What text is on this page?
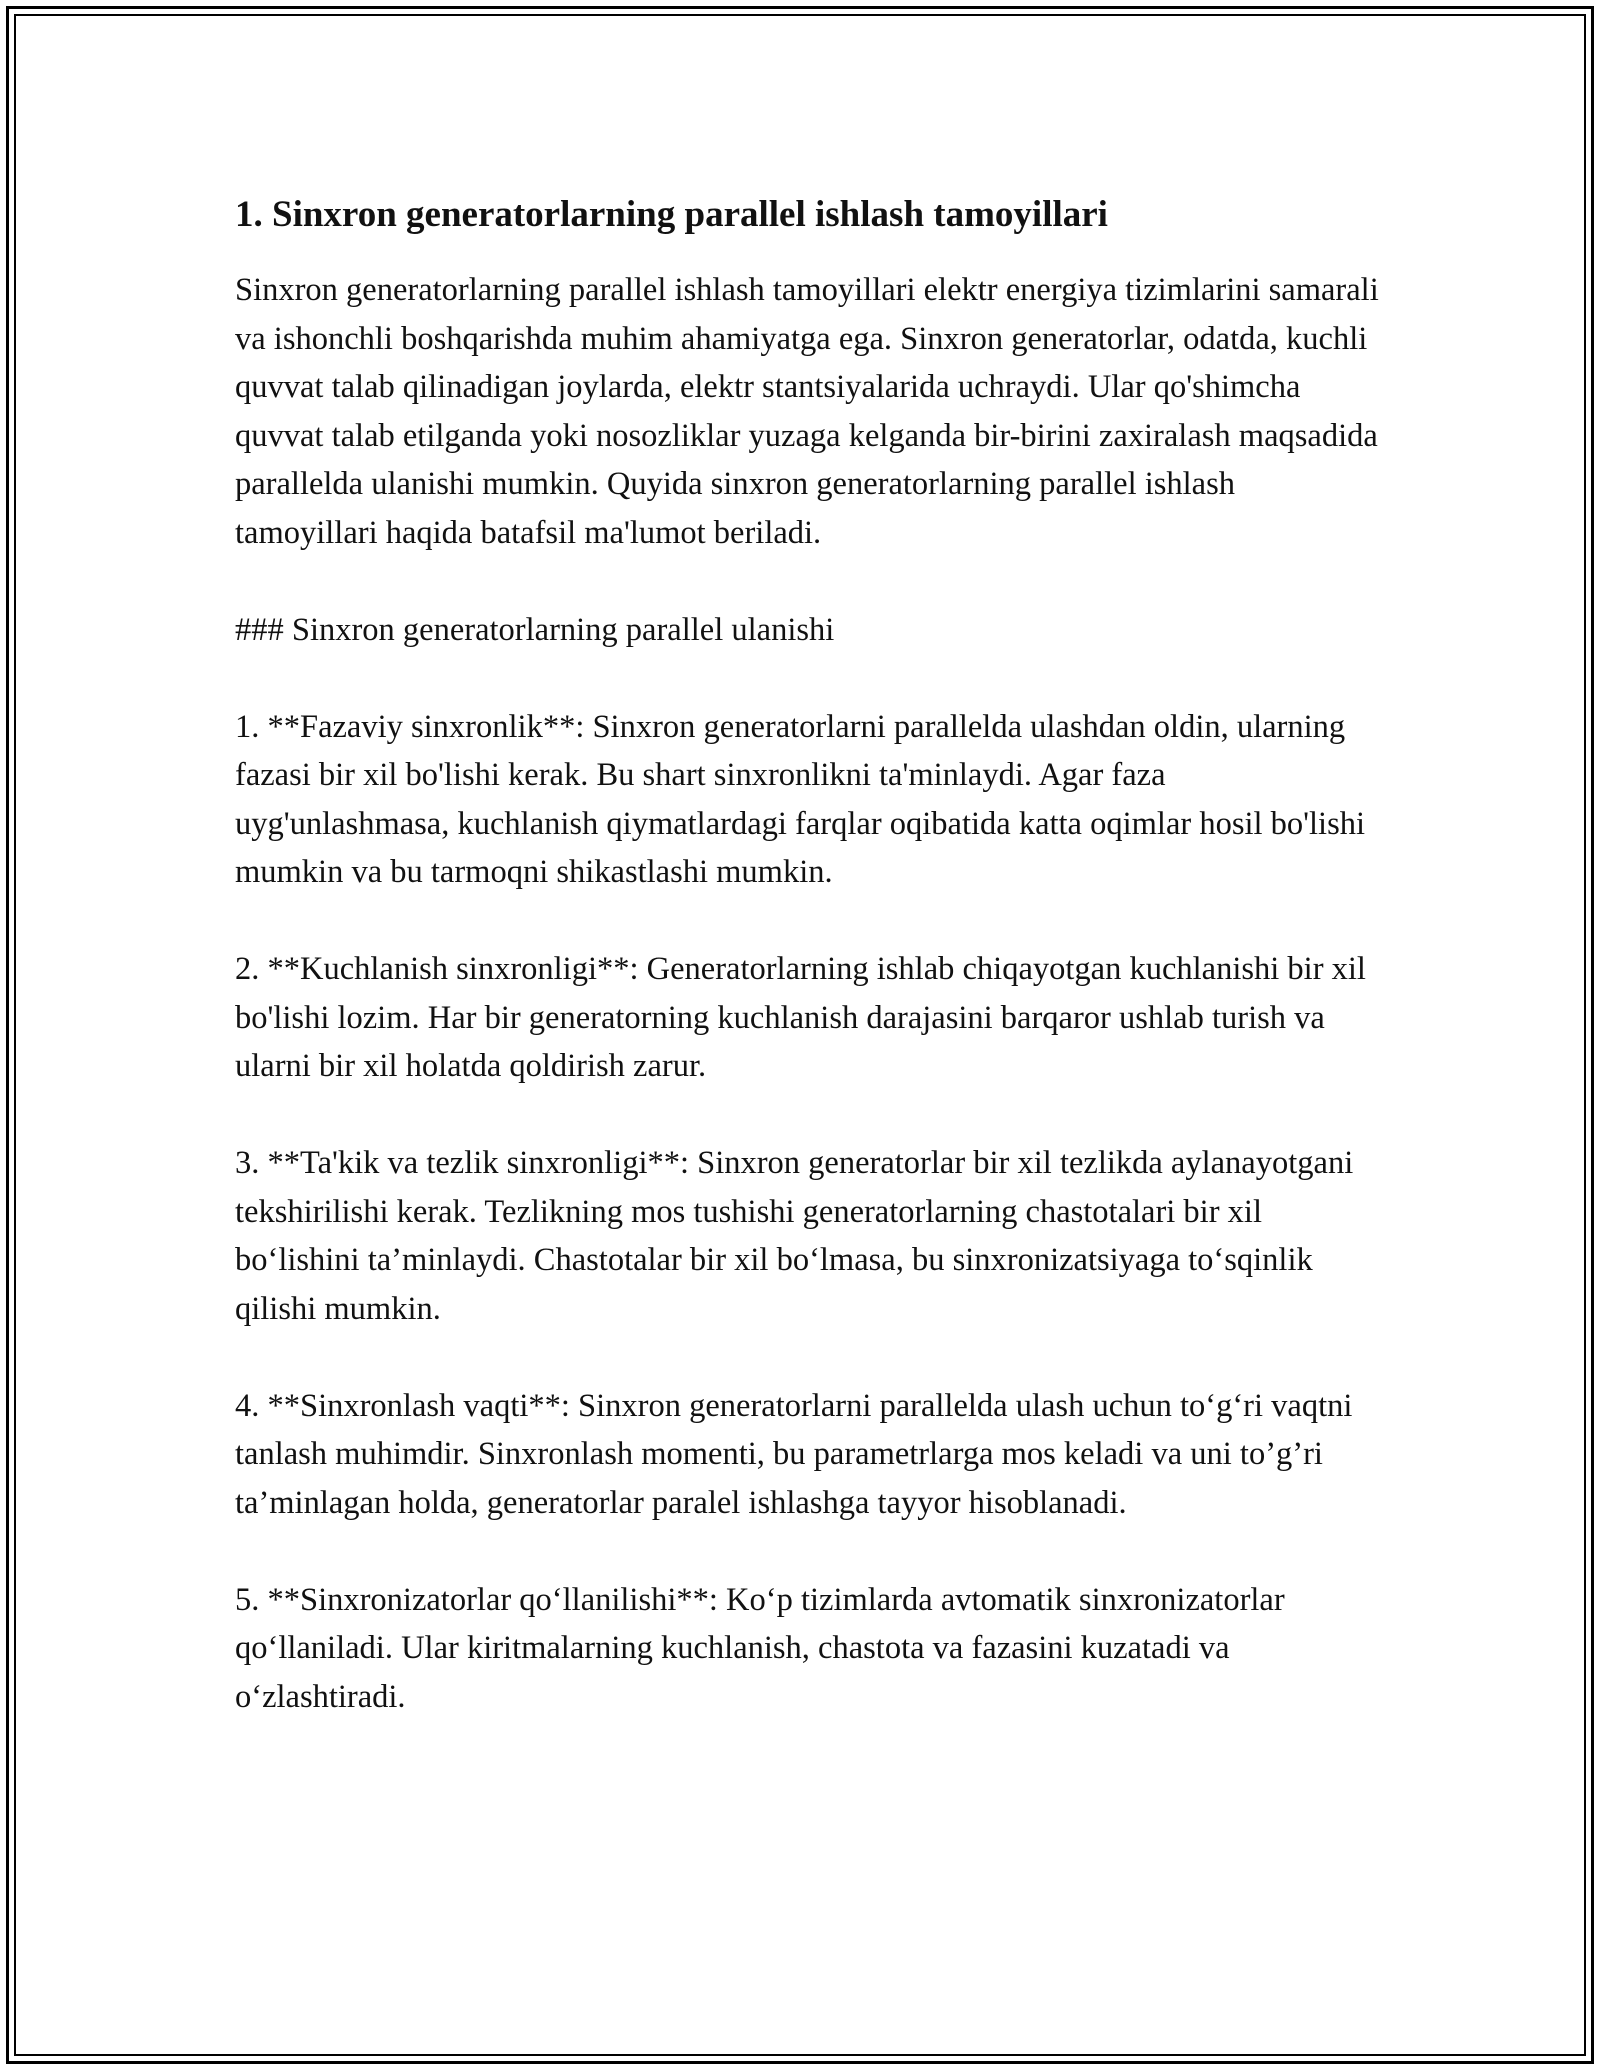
1. Sinxron generatorlarning parallel ishlash tamoyillari

Sinxron generatorlarning parallel ishlash tamoyillari elektr energiya tizimlarini samarali va ishonchli boshqarishda muhim ahamiyatga ega. Sinxron generatorlar, odatda, kuchli quvvat talab qilinadigan joylarda, elektr stantsiyalarida uchraydi. Ular qo'shimcha quvvat talab etilganda yoki nosozliklar yuzaga kelganda bir-birini zaxiralash maqsadida parallelda ulanishi mumkin. Quyida sinxron generatorlarning parallel ishlash tamoyillari haqida batafsil ma'lumot beriladi.

### Sinxron generatorlarning parallel ulanishi

1. **Fazaviy sinxronlik**: Sinxron generatorlarni parallelda ulashdan oldin, ularning fazasi bir xil bo'lishi kerak. Bu shart sinxronlikni ta'minlaydi. Agar faza uyg'unlashmasa, kuchlanish qiymatlardagi farqlar oqibatida katta oqimlar hosil bo'lishi mumkin va bu tarmoqni shikastlashi mumkin.

2. **Kuchlanish sinxronligi**: Generatorlarning ishlab chiqayotgan kuchlanishi bir xil bo'lishi lozim. Har bir generatorning kuchlanish darajasini barqaror ushlab turish va ularni bir xil holatda qoldirish zarur.

3. **Ta'kik va tezlik sinxronligi**: Sinxron generatorlar bir xil tezlikda aylanayotgani tekshirilishi kerak. Tezlikning mos tushishi generatorlarning chastotalari bir xil bo‘lishini ta’minlaydi. Chastotalar bir xil bo‘lmasa, bu sinxronizatsiyaga to‘sqinlik qilishi mumkin.

4. **Sinxronlash vaqti**: Sinxron generatorlarni parallelda ulash uchun to‘g‘ri vaqtni tanlash muhimdir. Sinxronlash momenti, bu parametrlarga mos keladi va uni to’g’ri ta’minlagan holda, generatorlar paralel ishlashga tayyor hisoblanadi.

5. **Sinxronizatorlar qo‘llanilishi**: Ko‘p tizimlarda avtomatik sinxronizatorlar qo‘llaniladi. Ular kiritmalarning kuchlanish, chastota va fazasini kuzatadi va o‘zlashtiradi.
